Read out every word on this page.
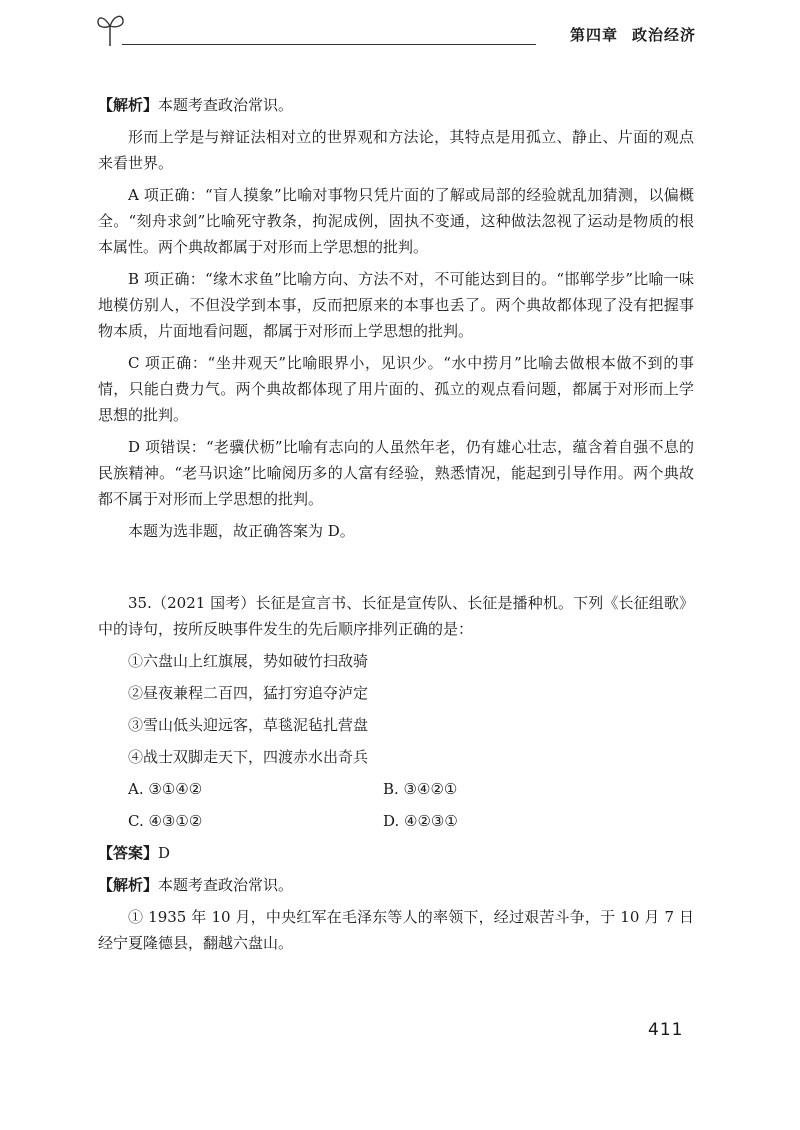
第四章 政治经济

【解析】本题考查政治常识。

形而上学是与辩证法相对立的世界观和方法论，其特点是用孤立、静止、片面的观点来看世界。

A 项正确：“盲人摸象”比喻对事物只凭片面的了解或局部的经验就乱加猜测，以偏概全。“刻舟求剑”比喻死守教条，拘泥成例，固执不变通，这种做法忽视了运动是物质的根本属性。两个典故都属于对形而上学思想的批判。

B 项正确：“缘木求鱼”比喻方向、方法不对，不可能达到目的。“邯郸学步”比喻一味地模仿别人，不但没学到本事，反而把原来的本事也丢了。两个典故都体现了没有把握事物本质，片面地看问题，都属于对形而上学思想的批判。

C 项正确：“坐井观天”比喻眼界小，见识少。“水中捞月”比喻去做根本做不到的事情，只能白费力气。两个典故都体现了用片面的、孤立的观点看问题，都属于对形而上学思想的批判。

D 项错误：“老骥伏枥”比喻有志向的人虽然年老，仍有雄心壮志，蕴含着自强不息的民族精神。“老马识途”比喻阅历多的人富有经验，熟悉情况，能起到引导作用。两个典故都不属于对形而上学思想的批判。

本题为选非题，故正确答案为 D。

35.（2021 国考）长征是宣言书、长征是宣传队、长征是播种机。下列《长征组歌》中的诗句，按所反映事件发生的先后顺序排列正确的是：

①六盘山上红旗展，势如破竹扫敌骑

②昼夜兼程二百四，猛打穷追夺泸定

③雪山低头迎远客，草毯泥毡扎营盘

④战士双脚走天下，四渡赤水出奇兵

A. ③①④②	B. ③④②①
C. ④③①②	D. ④②③①

【答案】D

【解析】本题考查政治常识。

① 1935 年 10 月，中央红军在毛泽东等人的率领下，经过艰苦斗争，于 10 月 7 日经宁夏隆德县，翻越六盘山。

411
